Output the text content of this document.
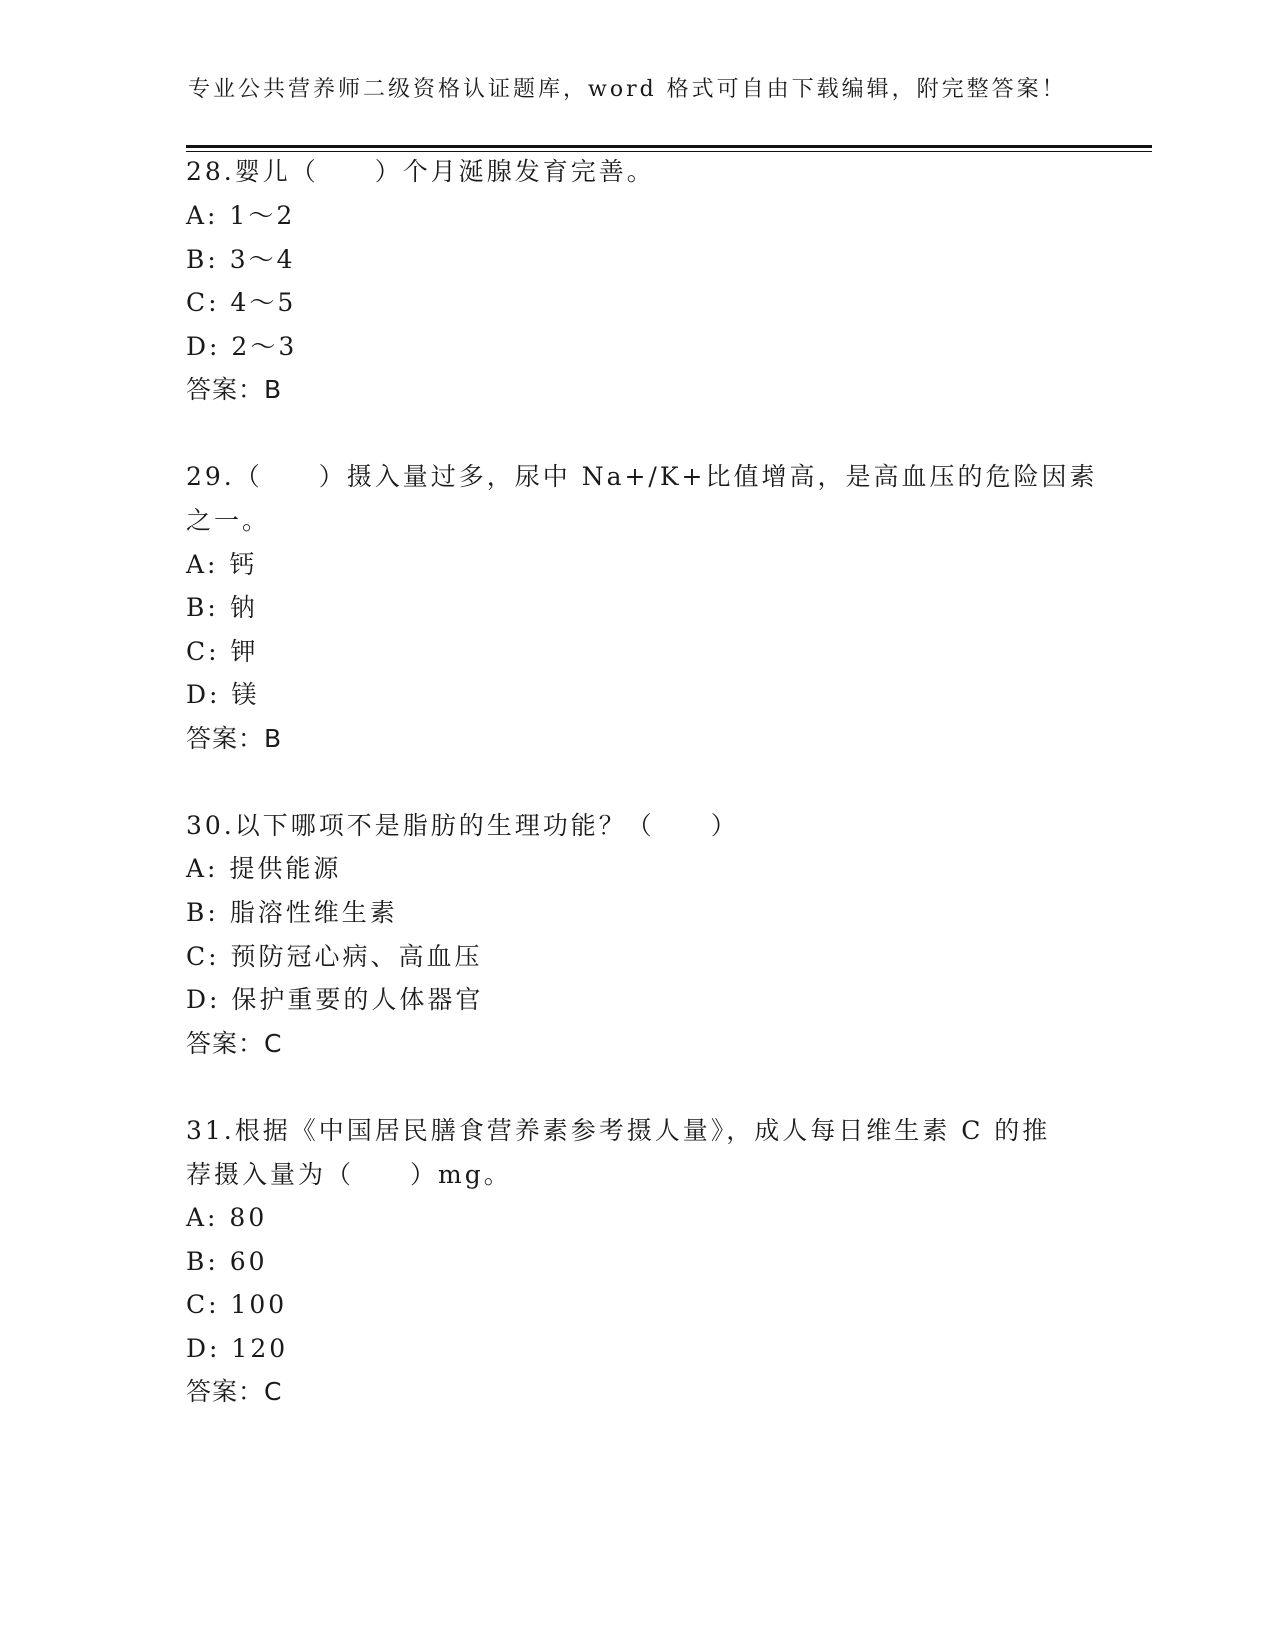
专业公共营养师二级资格认证题库，word 格式可自由下载编辑，附完整答案！
28.婴儿（　　）个月涎腺发育完善。
A: 1～2
B: 3～4
C: 4～5
D: 2～3
答案：B
29.（　　）摄入量过多，尿中 Na+/K+比值增高，是高血压的危险因素
之一。
A: 钙
B: 钠
C: 钾
D: 镁
答案：B
30.以下哪项不是脂肪的生理功能？（　　）
A: 提供能源
B: 脂溶性维生素
C: 预防冠心病、高血压
D: 保护重要的人体器官
答案：C
31.根据《中国居民膳食营养素参考摄人量》，成人每日维生素 C 的推
荐摄入量为（　　）mg。
A: 80
B: 60
C: 100
D: 120
答案：C
